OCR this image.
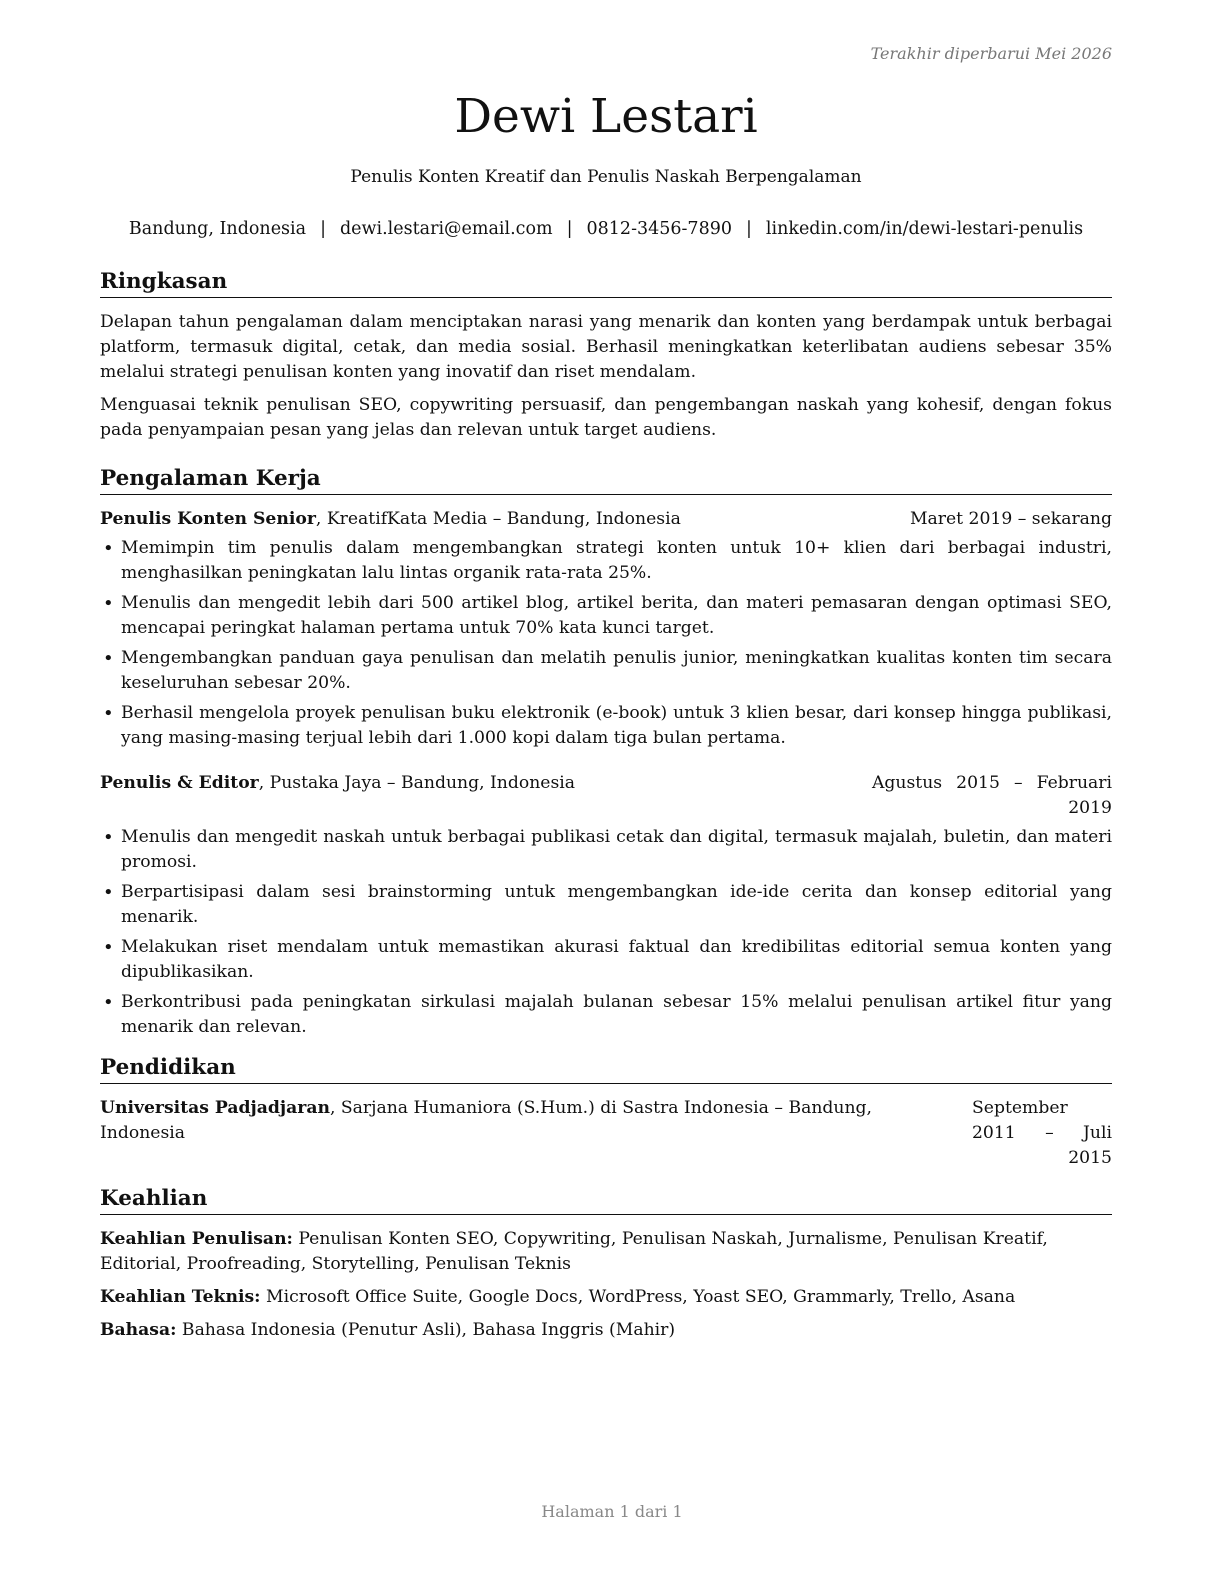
Terakhir diperbarui Mei 2026
Dewi Lestari
Penulis Konten Kreatif dan Penulis Naskah Berpengalaman
Bandung, Indonesia | dewi.lestari@email.com | 0812-3456-7890 | linkedin.com/in/dewi-lestari-penulis
Ringkasan

Delapan tahun pengalaman dalam menciptakan narasi yang menarik dan konten yang berdampak untuk berbagai platform, termasuk digital, cetak, dan media sosial. Berhasil meningkatkan keterlibatan audiens sebesar 35% melalui strategi penulisan konten yang inovatif dan riset mendalam.

Menguasai teknik penulisan SEO, copywriting persuasif, dan pengembangan naskah yang kohesif, dengan fokus pada penyampaian pesan yang jelas dan relevan untuk target audiens.

Pengalaman Kerja
Penulis Konten Senior, KreatifKata Media – Bandung, Indonesia	Maret 2019 – sekarang
• Memimpin tim penulis dalam mengembangkan strategi konten untuk 10+ klien dari berbagai industri, menghasilkan peningkatan lalu lintas organik rata-rata 25%.
• Menulis dan mengedit lebih dari 500 artikel blog, artikel berita, dan materi pemasaran dengan optimasi SEO, mencapai peringkat halaman pertama untuk 70% kata kunci target.
• Mengembangkan panduan gaya penulisan dan melatih penulis junior, meningkatkan kualitas konten tim secara keseluruhan sebesar 20%.
• Berhasil mengelola proyek penulisan buku elektronik (e-book) untuk 3 klien besar, dari konsep hingga publikasi, yang masing-masing terjual lebih dari 1.000 kopi dalam tiga bulan pertama.
Penulis & Editor, Pustaka Jaya – Bandung, Indonesia	Agustus 2015 – Februari 2019
• Menulis dan mengedit naskah untuk berbagai publikasi cetak dan digital, termasuk majalah, buletin, dan materi promosi.
• Berpartisipasi dalam sesi brainstorming untuk mengembangkan ide-ide cerita dan konsep editorial yang menarik.
• Melakukan riset mendalam untuk memastikan akurasi faktual dan kredibilitas editorial semua konten yang dipublikasikan.
• Berkontribusi pada peningkatan sirkulasi majalah bulanan sebesar 15% melalui penulisan artikel fitur yang menarik dan relevan.
Pendidikan
Universitas Padjadjaran, Sarjana Humaniora (S.Hum.) di Sastra Indonesia – Bandung, Indonesia
September 2011 – Juli 2015
Keahlian
Keahlian Penulisan: Penulisan Konten SEO, Copywriting, Penulisan Naskah, Jurnalisme, Penulisan Kreatif, Editorial, Proofreading, Storytelling, Penulisan Teknis
Keahlian Teknis: Microsoft Office Suite, Google Docs, WordPress, Yoast SEO, Grammarly, Trello, Asana
Bahasa: Bahasa Indonesia (Penutur Asli), Bahasa Inggris (Mahir)
Halaman 1 dari 1
